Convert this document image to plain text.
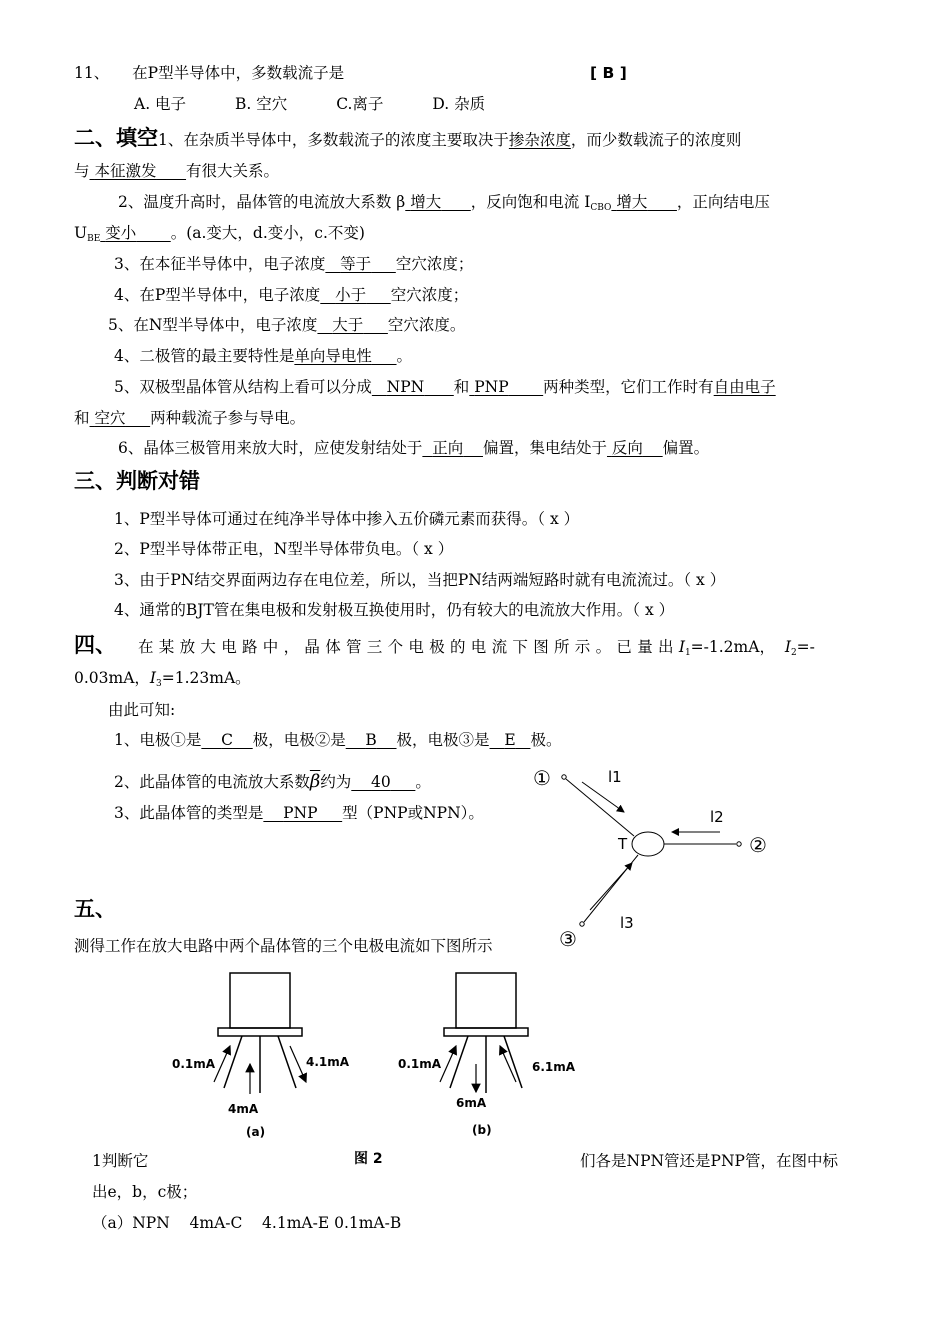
11、 在P型半导体中，多数载流子是	[ B ]
A. 电子	B. 空穴	C.离子	D. 杂质
二、填空1、在杂质半导体中，多数载流子的浓度主要取决于掺杂浓度，而少数载流子的浓度则
与 本征激发 有很大关系。
2、温度升高时，晶体管的电流放大系数 β 增大 ，反向饱和电流 $I_{CBO}$ 增大 ，正向结电压
$U_{BE}$ 变小 。(a.变大，d.变小，c.不变)
3、在本征半导体中，电子浓度 等于 空穴浓度；
4、在P型半导体中，电子浓度 小于 空穴浓度；
5、在N型半导体中，电子浓度 大于 空穴浓度。
4、二极管的最主要特性是单向导电性 。
5、双极型晶体管从结构上看可以分成 NPN 和 PNP 两种类型，它们工作时有自由电子
和 空穴 两种载流子参与导电。
6、晶体三极管用来放大时，应使发射结处于 正向 偏置，集电结处于 反向 偏置。
三、判断对错
1、P型半导体可通过在纯净半导体中掺入五价磷元素而获得。（ x ）
2、P型半导体带正电，N型半导体带负电。（ x ）
3、由于PN结交界面两边存在电位差，所以，当把PN结两端短路时就有电流流过。（ x ）
4、通常的BJT管在集电极和发射极互换使用时，仍有较大的电流放大作用。（ x ）
四、 在某放大电路中，晶体管三个电极的电流下图所示。已量出$I_1=-1.2mA$， $I_2=-$
0.03mA，$I_3=1.23mA$。
由此可知:
1、电极①是 C 极，电极②是 B 极，电极③是 E 极。
2、此晶体管的电流放大系数$\overline{\beta}$约为 40 。
3、此晶体管的类型是 PNP 型（PNP或NPN）。
①	l1
l2
②
T
l3
③
五、
测得工作在放大电路中两个晶体管的三个电极电流如下图所示
0.1mA	4.1mA
4mA
(a)
0.1mA	6.1mA
6mA
(b)
图 2
1判断它	们各是NPN管还是PNP管，在图中标
出e，b，c极；
（a）NPN    4mA-C    4.1mA-E 0.1mA-B
